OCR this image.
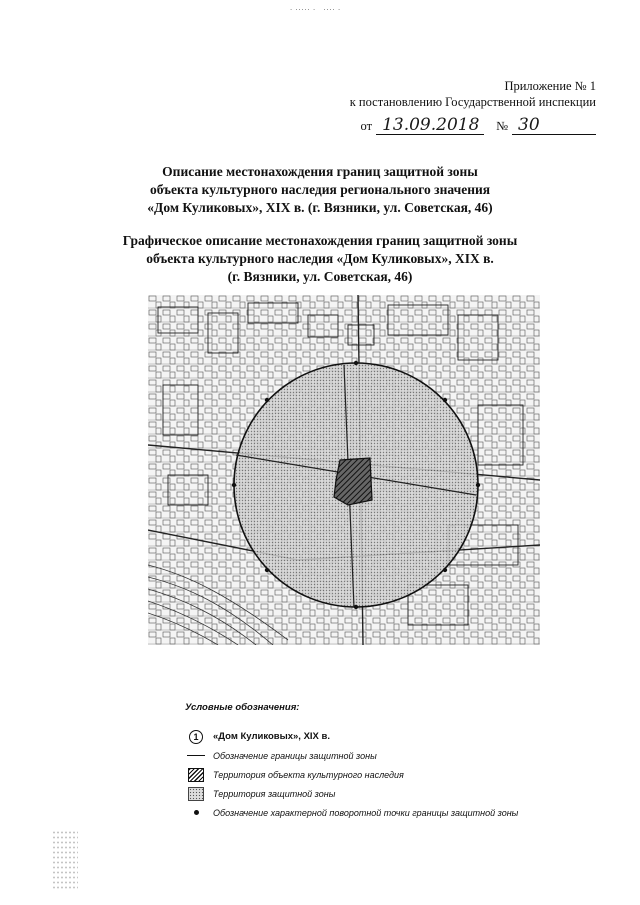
˙ ˙˙˙˙˙ ˙   ˙˙˙˙ ˙
Приложение № 1
к постановлению Государственной инспекции
от 13.09.2018	№ 30
Описание местонахождения границ защитной зоны
объекта культурного наследия регионального значения
«Дом Куликовых», XIX в. (г. Вязники, ул. Советская, 46)
Графическое описание местонахождения границ защитной зоны
объекта культурного наследия «Дом Куликовых», XIX в.
(г. Вязники, ул. Советская, 46)
Условные обозначения:
1	«Дом Куликовых», XIX в.
Обозначение границы защитной зоны
Территория объекта культурного наследия
Территория защитной зоны
Обозначение характерной поворотной точки границы защитной зоны
